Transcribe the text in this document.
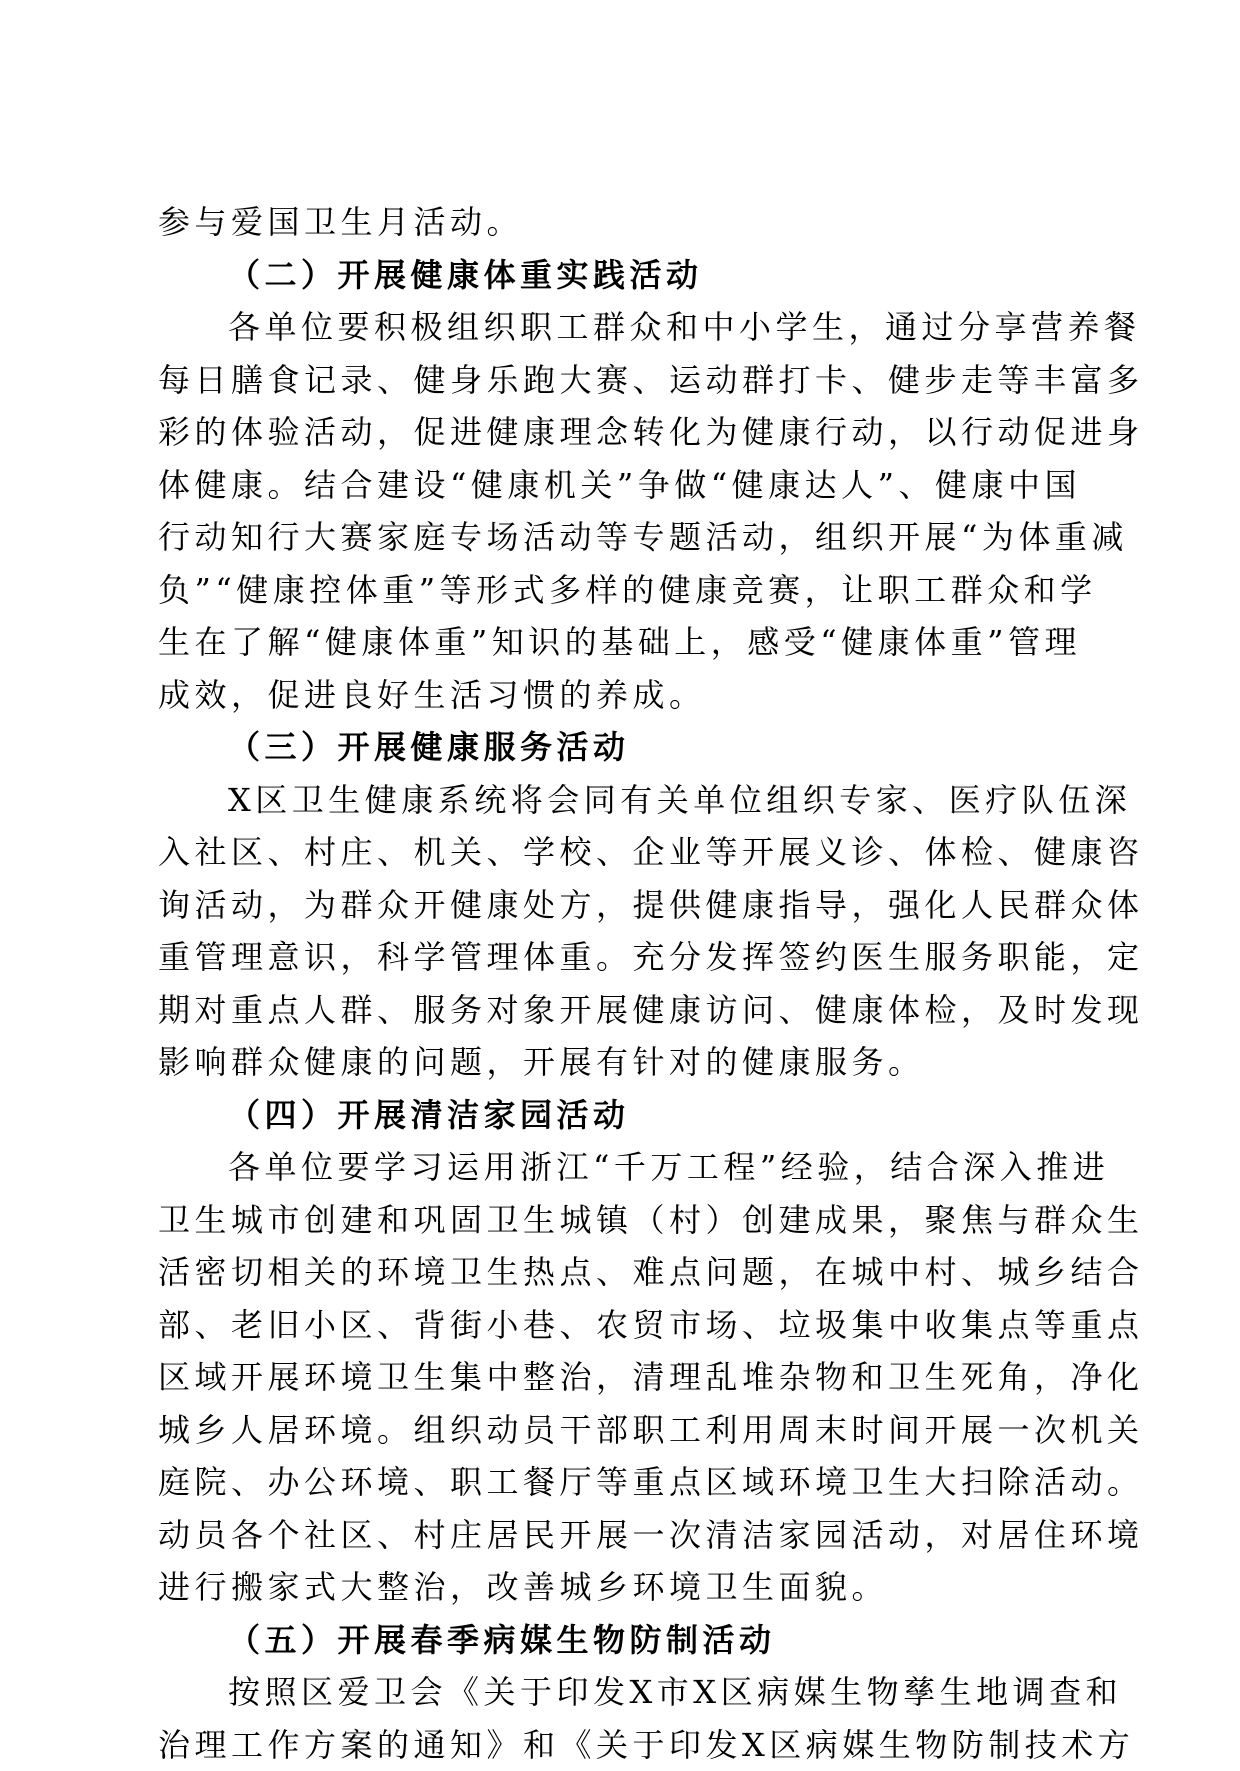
参与爱国卫生月活动。
（二）开展健康体重实践活动
各单位要积极组织职工群众和中小学生，通过分享营养餐
每日膳食记录、健身乐跑大赛、运动群打卡、健步走等丰富多
彩的体验活动，促进健康理念转化为健康行动，以行动促进身
体健康。结合建设“健康机关”争做“健康达人”、健康中国
行动知行大赛家庭专场活动等专题活动，组织开展“为体重减
负”“健康控体重”等形式多样的健康竞赛，让职工群众和学
生在了解“健康体重”知识的基础上，感受“健康体重”管理
成效，促进良好生活习惯的养成。
（三）开展健康服务活动
X区卫生健康系统将会同有关单位组织专家、医疗队伍深
入社区、村庄、机关、学校、企业等开展义诊、体检、健康咨
询活动，为群众开健康处方，提供健康指导，强化人民群众体
重管理意识，科学管理体重。充分发挥签约医生服务职能，定
期对重点人群、服务对象开展健康访问、健康体检，及时发现
影响群众健康的问题，开展有针对的健康服务。
（四）开展清洁家园活动
各单位要学习运用浙江“千万工程”经验，结合深入推进
卫生城市创建和巩固卫生城镇（村）创建成果，聚焦与群众生
活密切相关的环境卫生热点、难点问题，在城中村、城乡结合
部、老旧小区、背街小巷、农贸市场、垃圾集中收集点等重点
区域开展环境卫生集中整治，清理乱堆杂物和卫生死角，净化
城乡人居环境。组织动员干部职工利用周末时间开展一次机关
庭院、办公环境、职工餐厅等重点区域环境卫生大扫除活动。
动员各个社区、村庄居民开展一次清洁家园活动，对居住环境
进行搬家式大整治，改善城乡环境卫生面貌。
（五）开展春季病媒生物防制活动
按照区爱卫会《关于印发X市X区病媒生物孳生地调查和
治理工作方案的通知》和《关于印发X区病媒生物防制技术方
